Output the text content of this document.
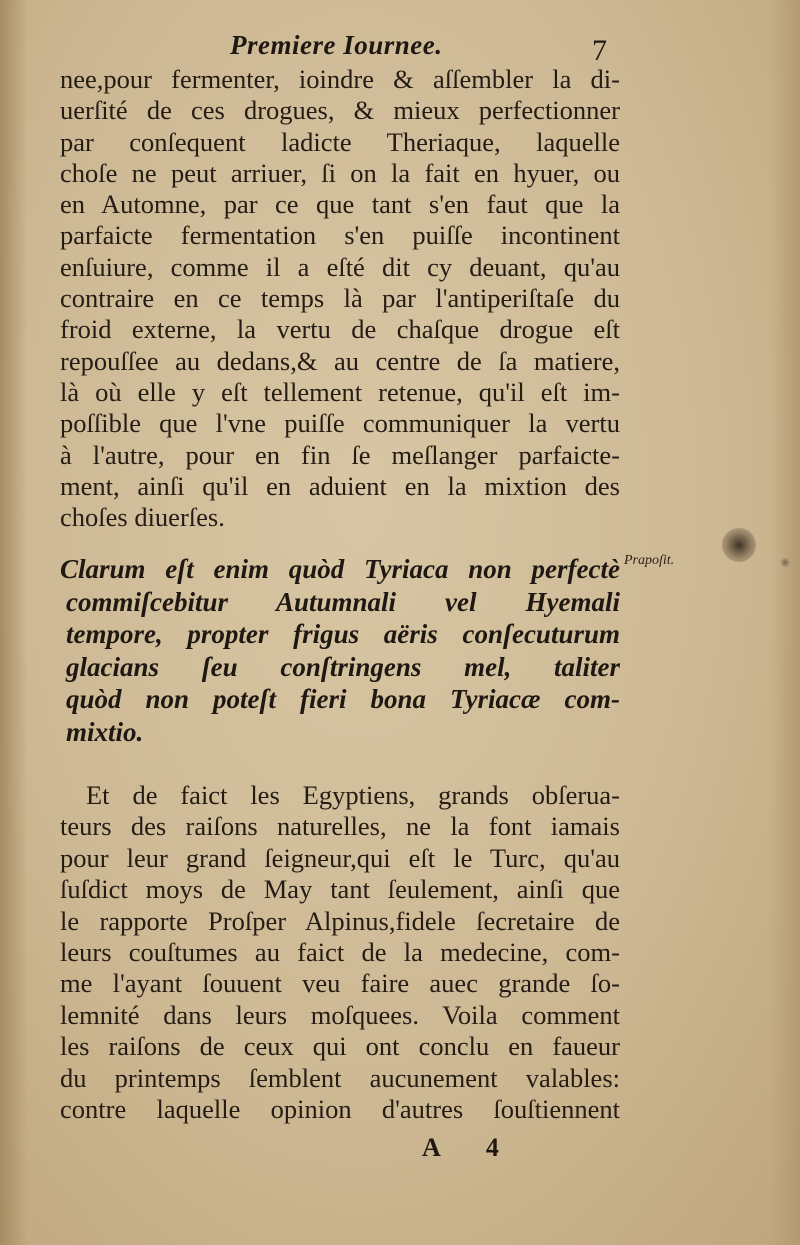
Premiere Iournee.	7
nee,pour fermenter, ioindre & aſſembler la di-
uerſité de ces drogues, & mieux perfectionner
par conſequent ladicte Theriaque, laquelle
choſe ne peut arriuer, ſi on la fait en hyuer, ou
en Automne, par ce que tant s'en faut que la
parfaicte fermentation s'en puiſſe incontinent
enſuiure, comme il a eſté dit cy deuant, qu'au
contraire en ce temps là par l'antiperiſtaſe du
froid externe, la vertu de chaſque drogue eſt
repouſſee au dedans,& au centre de ſa matiere,
là où elle y eſt tellement retenue, qu'il eſt im-
poſſible que l'vne puiſſe communiquer la vertu
à l'autre, pour en fin ſe meſlanger parfaicte-
ment, ainſi qu'il en aduient en la mixtion des
choſes diuerſes.
Clarum eſt enim quòd Tyriaca non perfectè
commiſcebitur Autumnali vel Hyemali
tempore, propter frigus aëris conſecuturum
glacians ſeu conſtringens mel, taliter
quòd non poteſt fieri bona Tyriacæ com-
mixtio.
Prapoſit.
Et de faict les Egyptiens, grands obſerua-
teurs des raiſons naturelles, ne la font iamais
pour leur grand ſeigneur,qui eſt le Turc, qu'au
ſuſdict moys de May tant ſeulement, ainſi que
le rapporte Proſper Alpinus,fidele ſecretaire de
leurs couſtumes au faict de la medecine, com-
me l'ayant ſouuent veu faire auec grande ſo-
lemnité dans leurs moſquees. Voila comment
les raiſons de ceux qui ont conclu en faueur
du printemps ſemblent aucunement valables:
contre laquelle opinion d'autres ſouſtiennent
A 4
